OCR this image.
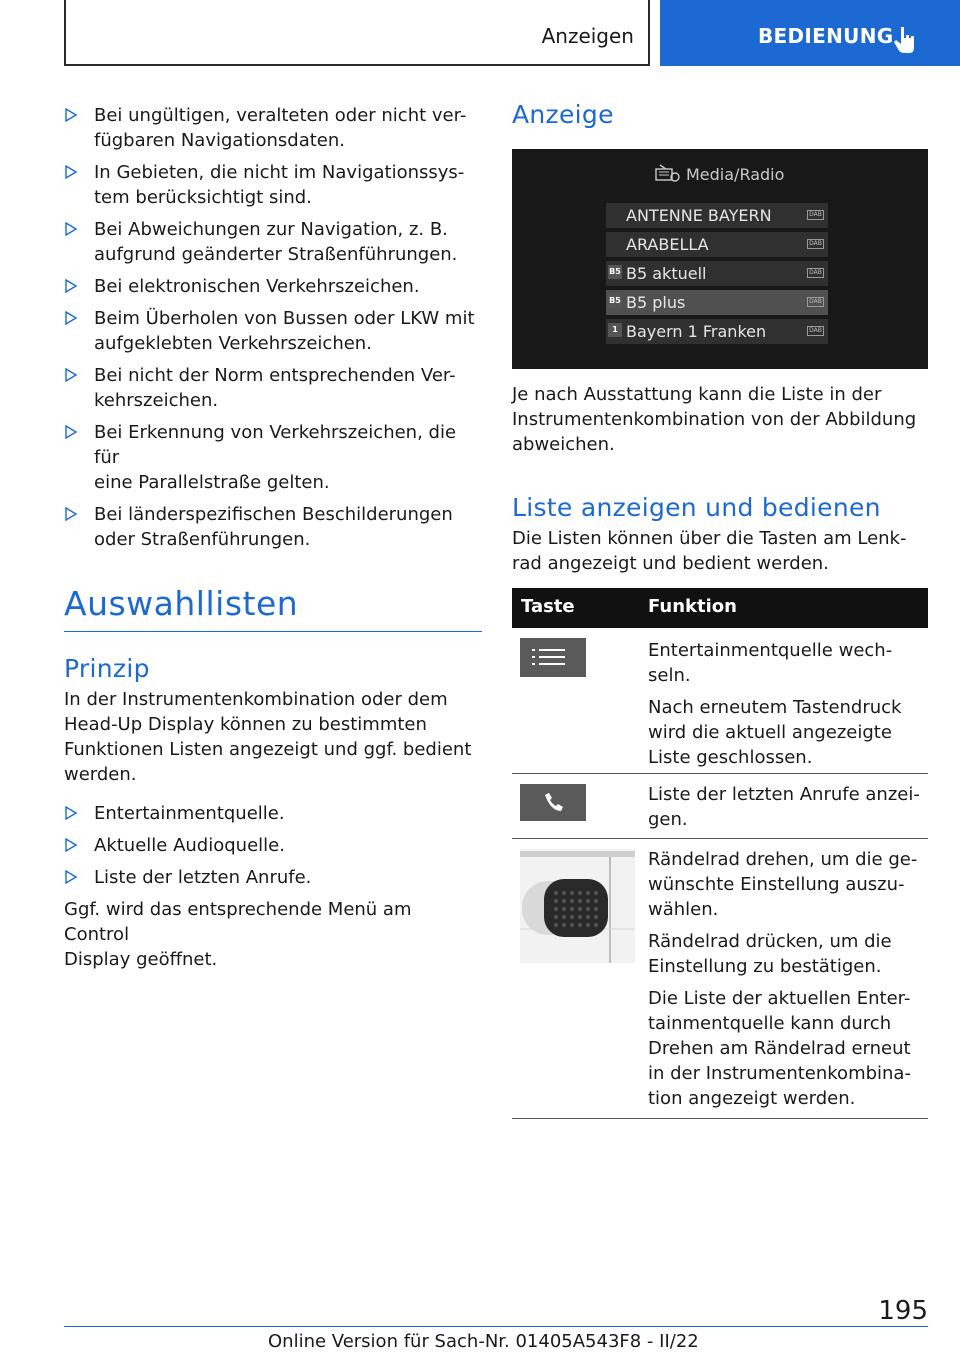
Anzeigen	BEDIENUNG
Bei ungültigen, veralteten oder nicht ver-
fügbaren Navigationsdaten.
In Gebieten, die nicht im Navigationssys-
tem berücksichtigt sind.
Bei Abweichungen zur Navigation, z. B.
aufgrund geänderter Straßenführungen.
Bei elektronischen Verkehrszeichen.
Beim Überholen von Bussen oder LKW mit
aufgeklebten Verkehrszeichen.
Bei nicht der Norm entsprechenden Ver-
kehrszeichen.
Bei Erkennung von Verkehrszeichen, die für
eine Parallelstraße gelten.
Bei länderspezifischen Beschilderungen
oder Straßenführungen.
Auswahllisten
Prinzip

In der Instrumentenkombination oder dem
Head-Up Display können zu bestimmten
Funktionen Listen angezeigt und ggf. bedient
werden.

Entertainmentquelle.
Aktuelle Audioquelle.
Liste der letzten Anrufe.

Ggf. wird das entsprechende Menü am Control
Display geöffnet.

Anzeige
Media/Radio
ANTENNE BAYERN	DAB
ARABELLA	DAB
B5 B5 aktuell	DAB
B5 B5 plus	DAB
1 Bayern 1 Franken	DAB

Je nach Ausstattung kann die Liste in der
Instrumentenkombination von der Abbildung
abweichen.

Liste anzeigen und bedienen

Die Listen können über die Tasten am Lenk-
rad angezeigt und bedient werden.

Taste	Funktion

Entertainmentquelle wech-
seln.

Nach erneutem Tastendruck
wird die aktuell angezeigte
Liste geschlossen.

Liste der letzten Anrufe anzei-
gen.

Rändelrad drehen, um die ge-
wünschte Einstellung auszu-
wählen.

Rändelrad drücken, um die
Einstellung zu bestätigen.

Die Liste der aktuellen Enter-
tainmentquelle kann durch
Drehen am Rändelrad erneut
in der Instrumentenkombina-
tion angezeigt werden.

195
Online Version für Sach-Nr. 01405A543F8 - II/22
